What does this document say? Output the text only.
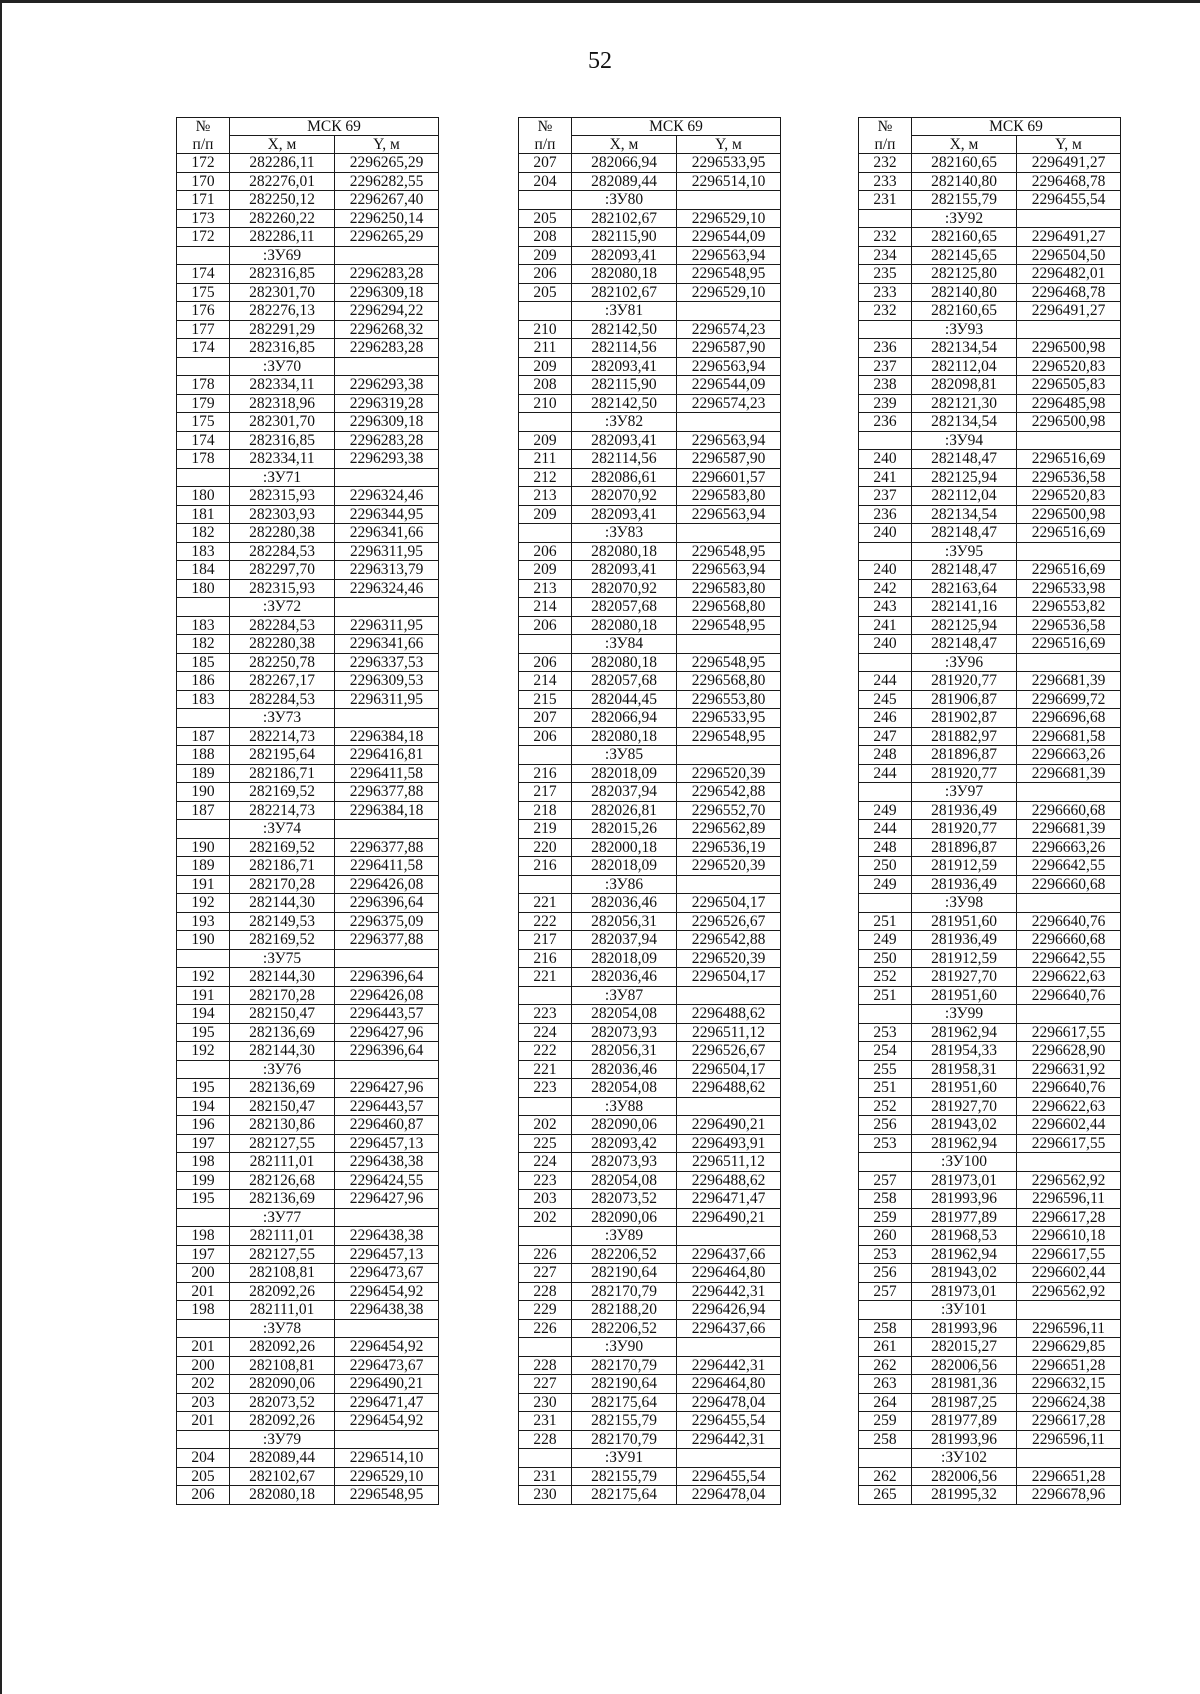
52
№	МСК 69	
п/п	X, м	Y, м
172	282286,11	2296265,29
170	282276,01	2296282,55
171	282250,12	2296267,40
173	282260,22	2296250,14
172	282286,11	2296265,29
	:ЗУ69	
174	282316,85	2296283,28
175	282301,70	2296309,18
176	282276,13	2296294,22
177	282291,29	2296268,32
174	282316,85	2296283,28
	:ЗУ70	
178	282334,11	2296293,38
179	282318,96	2296319,28
175	282301,70	2296309,18
174	282316,85	2296283,28
178	282334,11	2296293,38
	:ЗУ71	
180	282315,93	2296324,46
181	282303,93	2296344,95
182	282280,38	2296341,66
183	282284,53	2296311,95
184	282297,70	2296313,79
180	282315,93	2296324,46
	:ЗУ72	
183	282284,53	2296311,95
182	282280,38	2296341,66
185	282250,78	2296337,53
186	282267,17	2296309,53
183	282284,53	2296311,95
	:ЗУ73	
187	282214,73	2296384,18
188	282195,64	2296416,81
189	282186,71	2296411,58
190	282169,52	2296377,88
187	282214,73	2296384,18
	:ЗУ74	
190	282169,52	2296377,88
189	282186,71	2296411,58
191	282170,28	2296426,08
192	282144,30	2296396,64
193	282149,53	2296375,09
190	282169,52	2296377,88
	:ЗУ75	
192	282144,30	2296396,64
191	282170,28	2296426,08
194	282150,47	2296443,57
195	282136,69	2296427,96
192	282144,30	2296396,64
	:ЗУ76	
195	282136,69	2296427,96
194	282150,47	2296443,57
196	282130,86	2296460,87
197	282127,55	2296457,13
198	282111,01	2296438,38
199	282126,68	2296424,55
195	282136,69	2296427,96
	:ЗУ77	
198	282111,01	2296438,38
197	282127,55	2296457,13
200	282108,81	2296473,67
201	282092,26	2296454,92
198	282111,01	2296438,38
	:ЗУ78	
201	282092,26	2296454,92
200	282108,81	2296473,67
202	282090,06	2296490,21
203	282073,52	2296471,47
201	282092,26	2296454,92
	:ЗУ79	
204	282089,44	2296514,10
205	282102,67	2296529,10
206	282080,18	2296548,95
№	МСК 69	
п/п	X, м	Y, м
207	282066,94	2296533,95
204	282089,44	2296514,10
	:ЗУ80	
205	282102,67	2296529,10
208	282115,90	2296544,09
209	282093,41	2296563,94
206	282080,18	2296548,95
205	282102,67	2296529,10
	:ЗУ81	
210	282142,50	2296574,23
211	282114,56	2296587,90
209	282093,41	2296563,94
208	282115,90	2296544,09
210	282142,50	2296574,23
	:ЗУ82	
209	282093,41	2296563,94
211	282114,56	2296587,90
212	282086,61	2296601,57
213	282070,92	2296583,80
209	282093,41	2296563,94
	:ЗУ83	
206	282080,18	2296548,95
209	282093,41	2296563,94
213	282070,92	2296583,80
214	282057,68	2296568,80
206	282080,18	2296548,95
	:ЗУ84	
206	282080,18	2296548,95
214	282057,68	2296568,80
215	282044,45	2296553,80
207	282066,94	2296533,95
206	282080,18	2296548,95
	:ЗУ85	
216	282018,09	2296520,39
217	282037,94	2296542,88
218	282026,81	2296552,70
219	282015,26	2296562,89
220	282000,18	2296536,19
216	282018,09	2296520,39
	:ЗУ86	
221	282036,46	2296504,17
222	282056,31	2296526,67
217	282037,94	2296542,88
216	282018,09	2296520,39
221	282036,46	2296504,17
	:ЗУ87	
223	282054,08	2296488,62
224	282073,93	2296511,12
222	282056,31	2296526,67
221	282036,46	2296504,17
223	282054,08	2296488,62
	:ЗУ88	
202	282090,06	2296490,21
225	282093,42	2296493,91
224	282073,93	2296511,12
223	282054,08	2296488,62
203	282073,52	2296471,47
202	282090,06	2296490,21
	:ЗУ89	
226	282206,52	2296437,66
227	282190,64	2296464,80
228	282170,79	2296442,31
229	282188,20	2296426,94
226	282206,52	2296437,66
	:ЗУ90	
228	282170,79	2296442,31
227	282190,64	2296464,80
230	282175,64	2296478,04
231	282155,79	2296455,54
228	282170,79	2296442,31
	:ЗУ91	
231	282155,79	2296455,54
230	282175,64	2296478,04
№	МСК 69	
п/п	X, м	Y, м
232	282160,65	2296491,27
233	282140,80	2296468,78
231	282155,79	2296455,54
	:ЗУ92	
232	282160,65	2296491,27
234	282145,65	2296504,50
235	282125,80	2296482,01
233	282140,80	2296468,78
232	282160,65	2296491,27
	:ЗУ93	
236	282134,54	2296500,98
237	282112,04	2296520,83
238	282098,81	2296505,83
239	282121,30	2296485,98
236	282134,54	2296500,98
	:ЗУ94	
240	282148,47	2296516,69
241	282125,94	2296536,58
237	282112,04	2296520,83
236	282134,54	2296500,98
240	282148,47	2296516,69
	:ЗУ95	
240	282148,47	2296516,69
242	282163,64	2296533,98
243	282141,16	2296553,82
241	282125,94	2296536,58
240	282148,47	2296516,69
	:ЗУ96	
244	281920,77	2296681,39
245	281906,87	2296699,72
246	281902,87	2296696,68
247	281882,97	2296681,58
248	281896,87	2296663,26
244	281920,77	2296681,39
	:ЗУ97	
249	281936,49	2296660,68
244	281920,77	2296681,39
248	281896,87	2296663,26
250	281912,59	2296642,55
249	281936,49	2296660,68
	:ЗУ98	
251	281951,60	2296640,76
249	281936,49	2296660,68
250	281912,59	2296642,55
252	281927,70	2296622,63
251	281951,60	2296640,76
	:ЗУ99	
253	281962,94	2296617,55
254	281954,33	2296628,90
255	281958,31	2296631,92
251	281951,60	2296640,76
252	281927,70	2296622,63
256	281943,02	2296602,44
253	281962,94	2296617,55
	:ЗУ100	
257	281973,01	2296562,92
258	281993,96	2296596,11
259	281977,89	2296617,28
260	281968,53	2296610,18
253	281962,94	2296617,55
256	281943,02	2296602,44
257	281973,01	2296562,92
	:ЗУ101	
258	281993,96	2296596,11
261	282015,27	2296629,85
262	282006,56	2296651,28
263	281981,36	2296632,15
264	281987,25	2296624,38
259	281977,89	2296617,28
258	281993,96	2296596,11
	:ЗУ102	
262	282006,56	2296651,28
265	281995,32	2296678,96
